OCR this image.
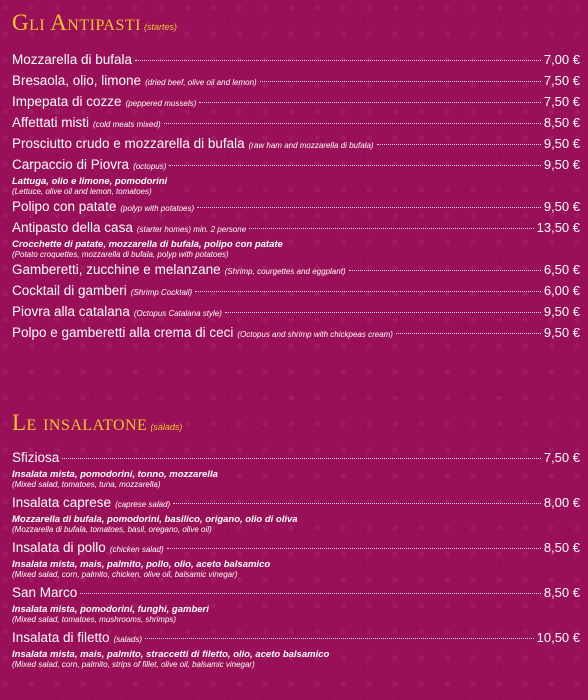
Gli Antipasti (startes)
Mozzarella di bufala	7,00 €
Bresaola, olio, limone (dried beef, olive oil and lemon)	7,50 €
Impepata di cozze (peppered mussels)	7,50 €
Affettati misti (cold meats mixed)	8,50 €
Prosciutto crudo e mozzarella di bufala (raw ham and mozzarella di bufala)	9,50 €
Carpaccio di Piovra (octopus)	9,50 €
Lattuga, olio e limone, pomodorini
(Lettuce, olive oil and lemon, tomatoes)
Polipo con patate (polyp with potatoes)	9,50 €
Antipasto della casa (starter homes) min. 2 persone	13,50 €
Crocchette di patate, mozzarella di bufala, polipo con patate
(Potato croquettes, mozzarella di bufala, polyp with potatoes)
Gamberetti, zucchine e melanzane (Shrimp, courgettes and eggplant)	6,50 €
Cocktail di gamberi (Shrimp Cocktail)	6,00 €
Piovra alla catalana (Octopus Catalana style)	9,50 €
Polpo e gamberetti alla crema di ceci (Octopus and shrimp with chickpeas cream)	9,50 €
Le insalatone (salads)
Sfiziosa	7,50 €
Insalata mista, pomodorini, tonno, mozzarella
(Mixed salad, tomatoes, tuna, mozzarella)
Insalata caprese (caprese salad)	8,00 €
Mozzarella di bufala, pomodorini, basilico, origano, olio di oliva
(Mozzarella di bufala, tomatoes, basil, oregano, olive oil)
Insalata di pollo (chicken salad)	8,50 €
Insalata mista, mais, palmito, pollo, olio, aceto balsamico
(Mixed salad, corn, palmito, chicken, olive oil, balsamic vinegar)
San Marco	8,50 €
Insalata mista, pomodorini, funghi, gamberi
(Mixed salad, tomatoes, mushrooms, shrimps)
Insalata di filetto (salads)	10,50 €
Insalata mista, mais, palmito, straccetti di filetto, olio, aceto balsamico
(Mixed salad, corn, palmito, strips of fillet, olive oil, balsamic vinegar)
